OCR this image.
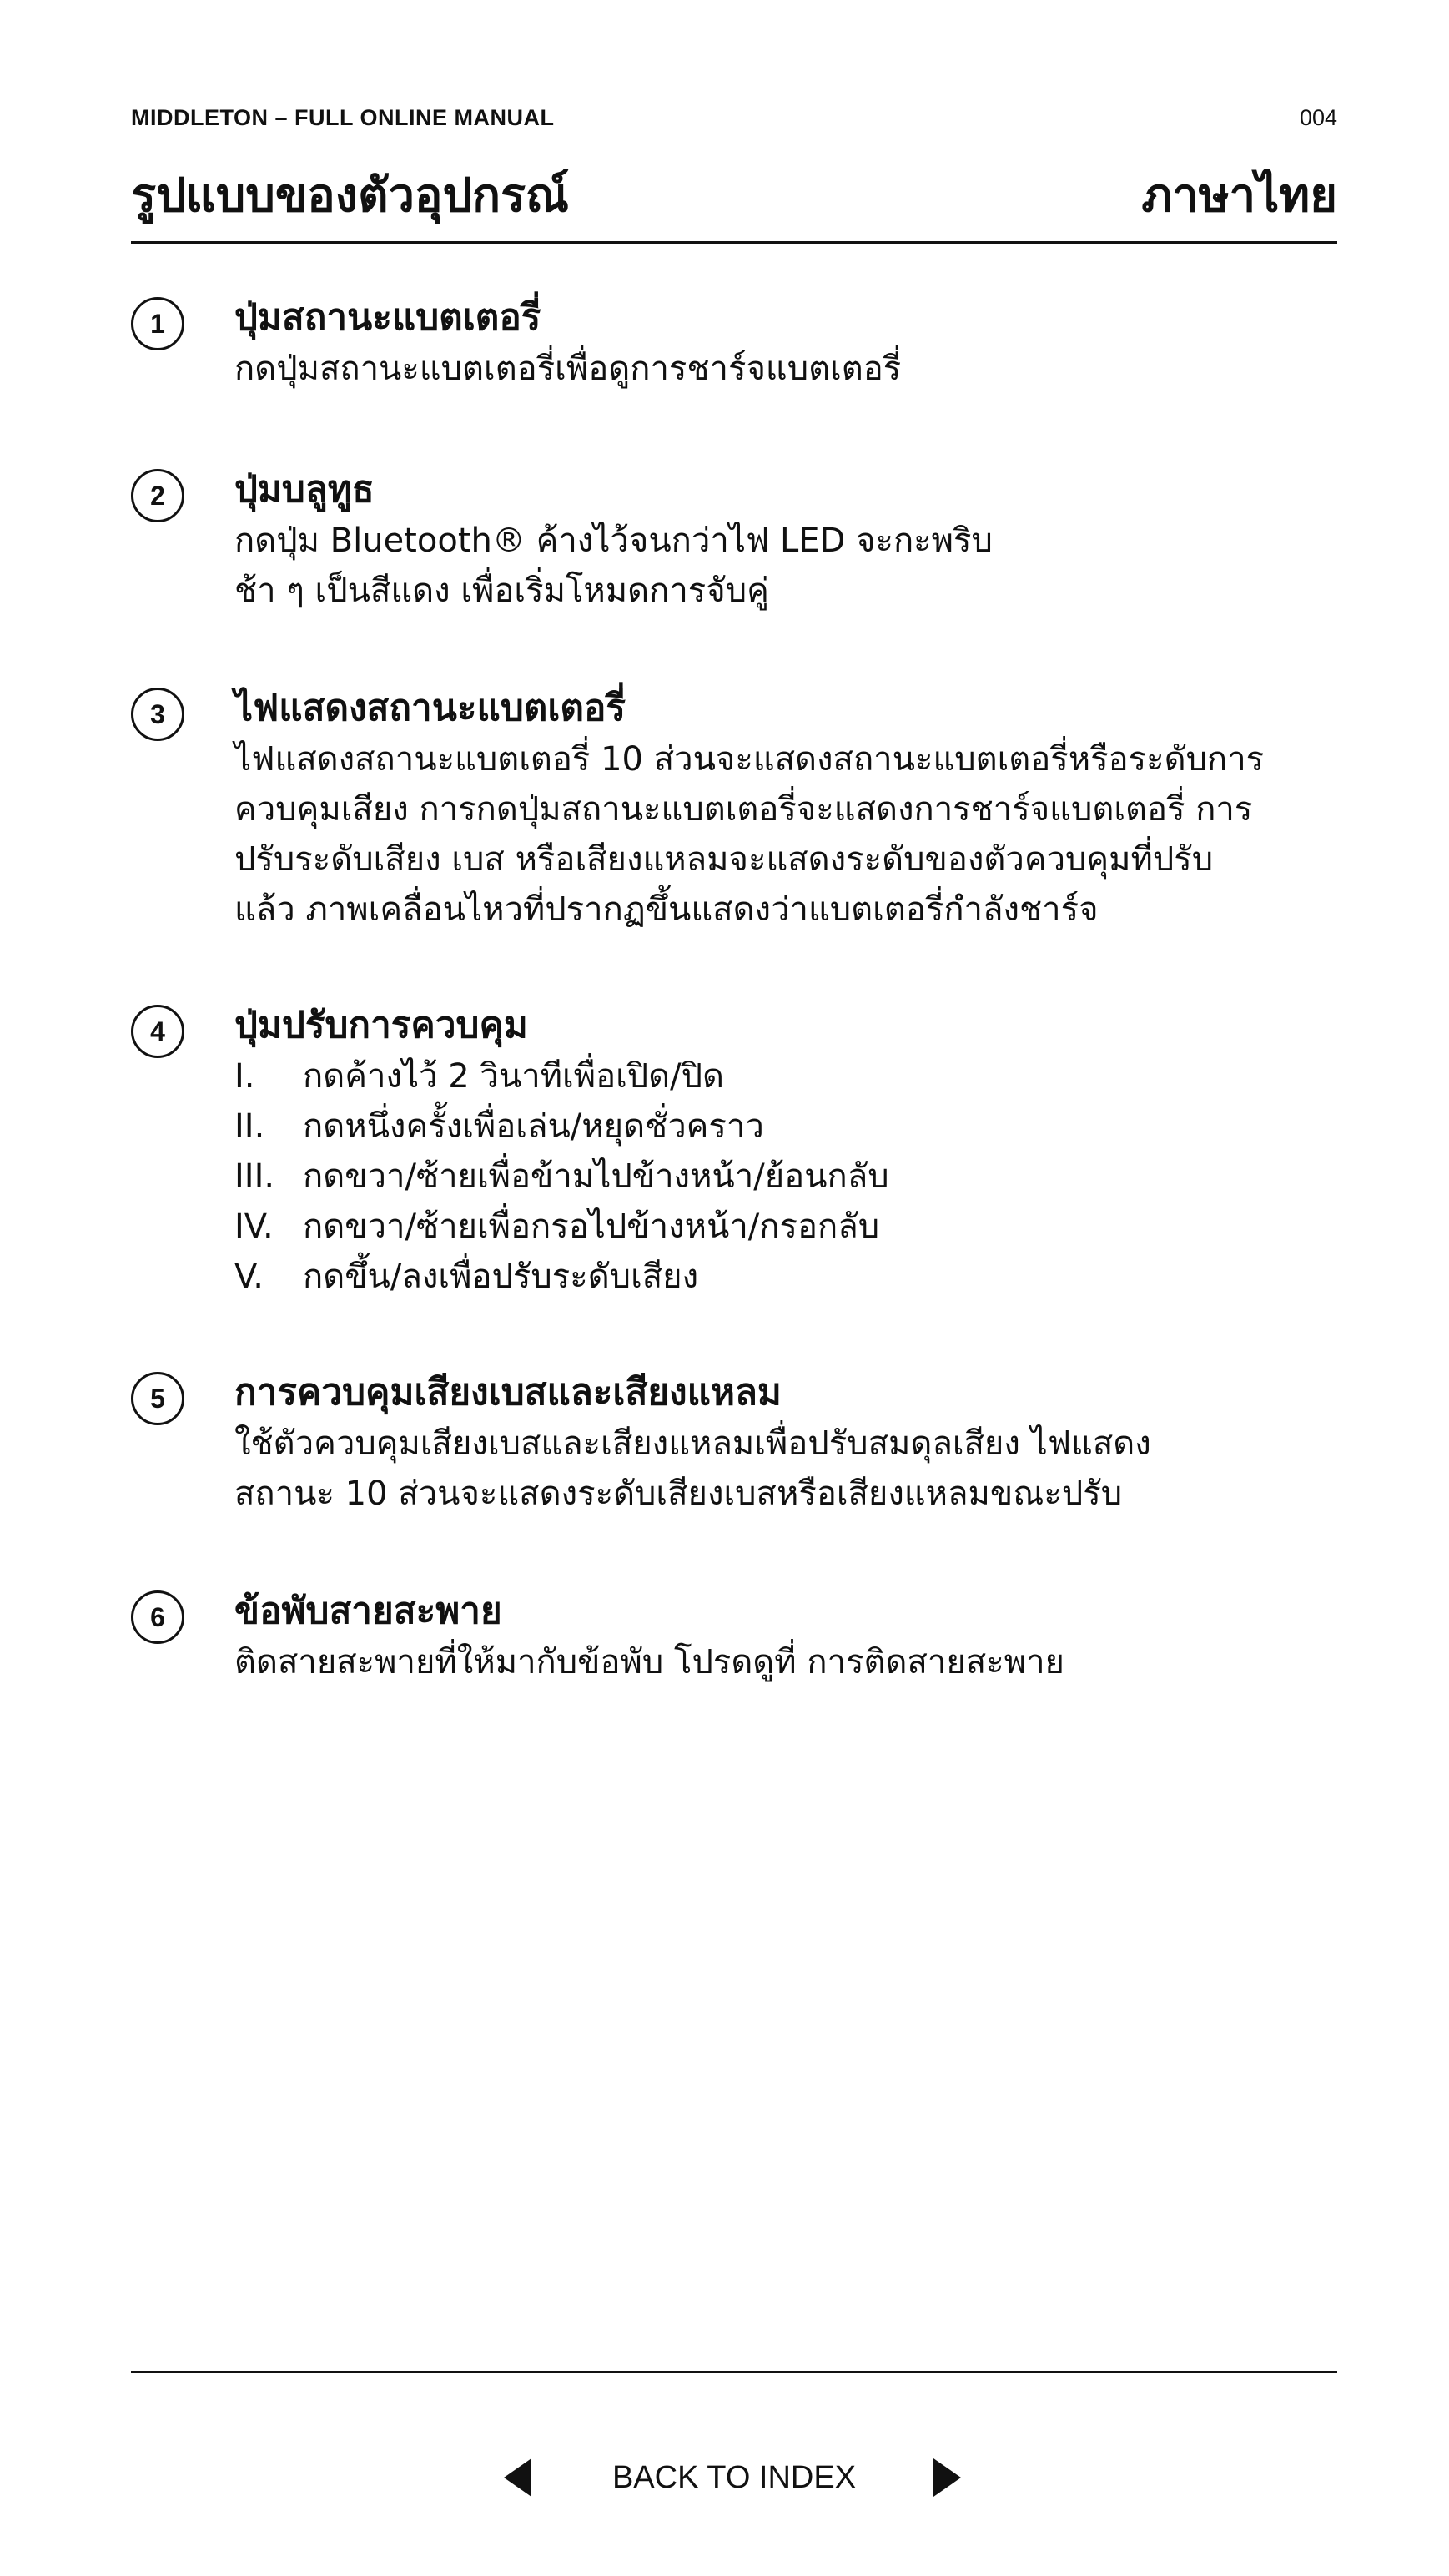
MIDDLETON – FULL ONLINE MANUAL	004
รูปแบบของตัวอุปกรณ์	ภาษาไทย
1	ปุ่มสถานะแบตเตอรี่

กดปุ่มสถานะแบตเตอรี่เพื่อดูการชาร์จแบตเตอรี่

2	ปุ่มบลูทูธ

กดปุ่ม Bluetooth® ค้างไว้จนกว่าไฟ LED จะกะพริบ

ช้า ๆ เป็นสีแดง เพื่อเริ่มโหมดการจับคู่

3	ไฟแสดงสถานะแบตเตอรี่

ไฟแสดงสถานะแบตเตอรี่ 10 ส่วนจะแสดงสถานะแบตเตอรี่หรือระดับการ

ควบคุมเสียง การกดปุ่มสถานะแบตเตอรี่จะแสดงการชาร์จแบตเตอรี่ การ

ปรับระดับเสียง เบส หรือเสียงแหลมจะแสดงระดับของตัวควบคุมที่ปรับ

แล้ว ภาพเคลื่อนไหวที่ปรากฏขึ้นแสดงว่าแบตเตอรี่กำลังชาร์จ

4	ปุ่มปรับการควบคุม

I. กดค้างไว้ 2 วินาทีเพื่อเปิด/ปิด
II. กดหนึ่งครั้งเพื่อเล่น/หยุดชั่วคราว
III. กดขวา/ซ้ายเพื่อข้ามไปข้างหน้า/ย้อนกลับ
IV. กดขวา/ซ้ายเพื่อกรอไปข้างหน้า/กรอกลับ
V. กดขึ้น/ลงเพื่อปรับระดับเสียง
5	การควบคุมเสียงเบสและเสียงแหลม

ใช้ตัวควบคุมเสียงเบสและเสียงแหลมเพื่อปรับสมดุลเสียง ไฟแสดง

สถานะ 10 ส่วนจะแสดงระดับเสียงเบสหรือเสียงแหลมขณะปรับ

6	ข้อพับสายสะพาย

ติดสายสะพายที่ให้มากับข้อพับ โปรดดูที่ การติดสายสะพาย

BACK TO INDEX
